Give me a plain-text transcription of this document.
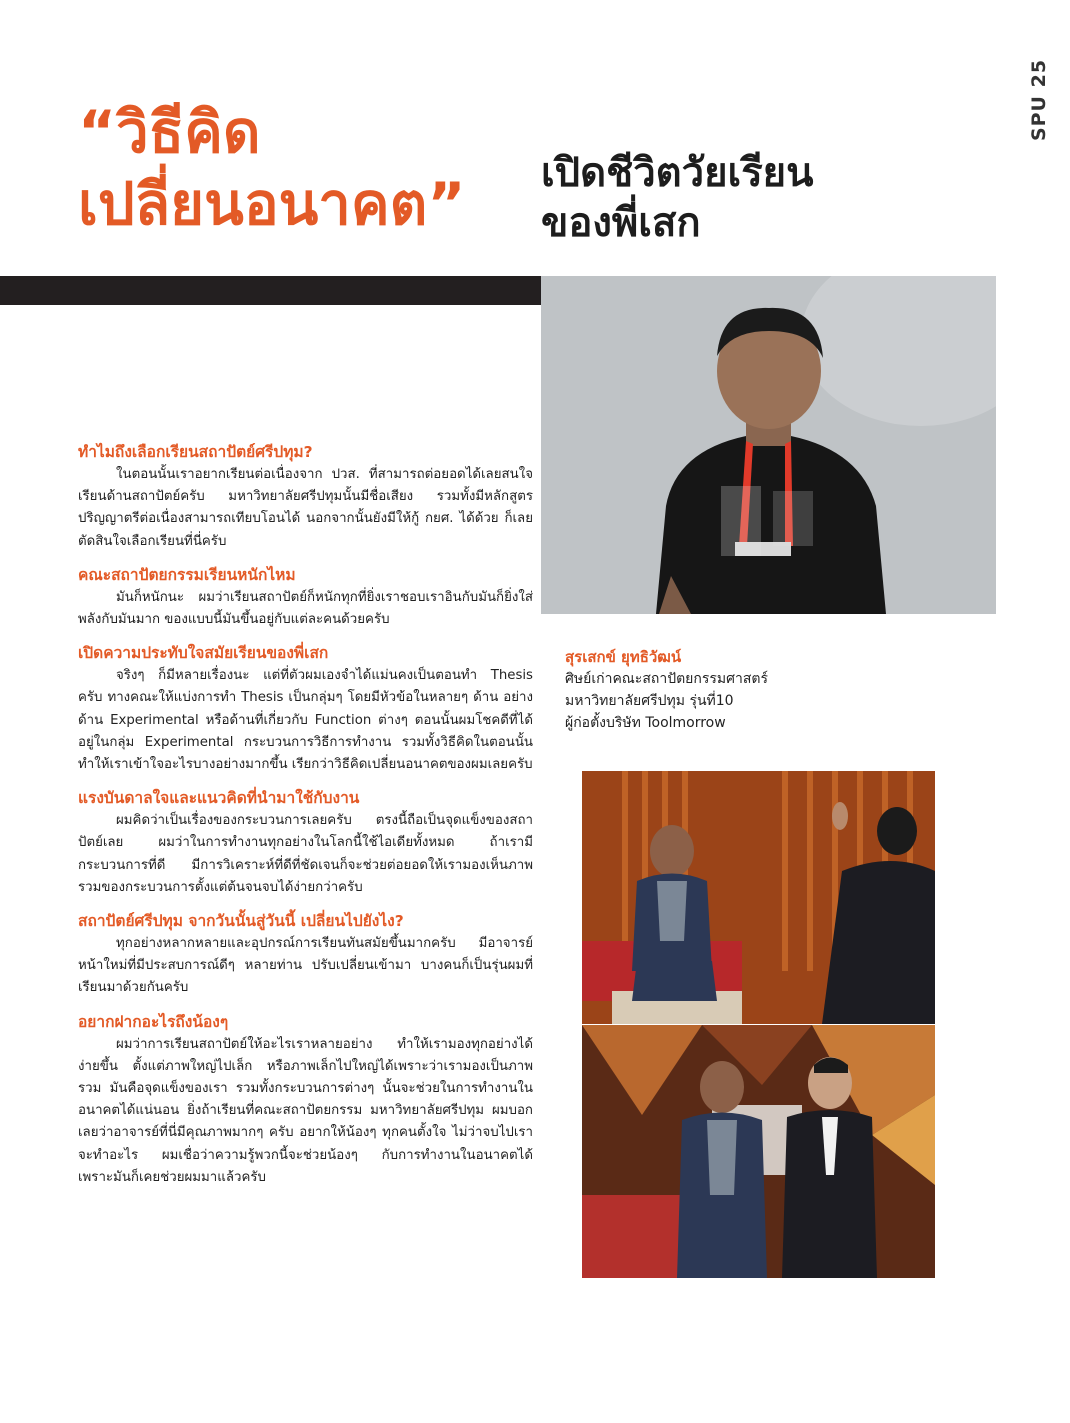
SPU 25
“วิธีคิด
เปลี่ยนอนาคต”	เปิดชีวิตวัยเรียน
ของพี่เสก
สุรเสกข์ ยุทธิวัฒน์
ศิษย์เก่าคณะสถาปัตยกรรมศาสตร์
มหาวิทยาลัยศรีปทุม รุ่นที่10
ผู้ก่อตั้งบริษัท Toolmorrow

ทำไมถึงเลือกเรียนสถาปัตย์ศรีปทุม?

ในตอนนั้นเราอยากเรียนต่อเนื่องจาก ปวส. ที่สามารถต่อยอดได้เลยสนใจเรียนด้านสถาปัตย์ครับ มหาวิทยาลัยศรีปทุมนั้นมีชื่อเสียง รวมทั้งมีหลักสูตรปริญญาตรีต่อเนื่องสามารถเทียบโอนได้ นอกจากนั้นยังมีให้กู้ กยศ. ได้ด้วย ก็เลยตัดสินใจเลือกเรียนที่นี่ครับ

คณะสถาปัตยกรรมเรียนหนักไหม

มันก็หนักนะ ผมว่าเรียนสถาปัตย์ก็หนักทุกที่ยิ่งเราชอบเราอินกับมันก็ยิ่งใส่พลังกับมันมาก ของแบบนี้มันขึ้นอยู่กับแต่ละคนด้วยครับ

เปิดความประทับใจสมัยเรียนของพี่เสก

จริงๆ ก็มีหลายเรื่องนะ แต่ที่ตัวผมเองจำได้แม่นคงเป็นตอนทำ Thesis ครับ ทางคณะให้แบ่งการทำ Thesis เป็นกลุ่มๆ โดยมีหัวข้อในหลายๆ ด้าน อย่างด้าน Experimental หรือด้านที่เกี่ยวกับ Function ต่างๆ ตอนนั้นผมโชคดีที่ได้อยู่ในกลุ่ม Experimental กระบวนการวิธีการทำงาน รวมทั้งวิธีคิดในตอนนั้นทำให้เราเข้าใจอะไรบางอย่างมากขึ้น เรียกว่าวิธีคิดเปลี่ยนอนาคตของผมเลยครับ

แรงบันดาลใจและแนวคิดที่นำมาใช้กับงาน

ผมคิดว่าเป็นเรื่องของกระบวนการเลยครับ ตรงนี้ถือเป็นจุดแข็งของสถาปัตย์เลย ผมว่าในการทำงานทุกอย่างในโลกนี้ใช้ไอเดียทั้งหมด ถ้าเรามีกระบวนการที่ดี มีการวิเคราะห์ที่ดีที่ชัดเจนก็จะช่วยต่อยอดให้เรามองเห็นภาพรวมของกระบวนการตั้งแต่ต้นจนจบได้ง่ายกว่าครับ

สถาปัตย์ศรีปทุม จากวันนั้นสู่วันนี้ เปลี่ยนไปยังไง?

ทุกอย่างหลากหลายและอุปกรณ์การเรียนทันสมัยขึ้นมากครับ มีอาจารย์หน้าใหม่ที่มีประสบการณ์ดีๆ หลายท่าน ปรับเปลี่ยนเข้ามา บางคนก็เป็นรุ่นผมที่เรียนมาด้วยกันครับ

อยากฝากอะไรถึงน้องๆ

ผมว่าการเรียนสถาปัตย์ให้อะไรเราหลายอย่าง ทำให้เรามองทุกอย่างได้ง่ายขึ้น ตั้งแต่ภาพใหญ่ไปเล็ก หรือภาพเล็กไปใหญ่ได้เพราะว่าเรามองเป็นภาพรวม มันคือจุดแข็งของเรา รวมทั้งกระบวนการต่างๆ นั้นจะช่วยในการทำงานในอนาคตได้แน่นอน ยิ่งถ้าเรียนที่คณะสถาปัตยกรรม มหาวิทยาลัยศรีปทุม ผมบอกเลยว่าอาจารย์ที่นี่มีคุณภาพมากๆ ครับ อยากให้น้องๆ ทุกคนตั้งใจ ไม่ว่าจบไปเราจะทำอะไร ผมเชื่อว่าความรู้พวกนี้จะช่วยน้องๆ กับการทำงานในอนาคตได้ เพราะมันก็เคยช่วยผมมาแล้วครับ
